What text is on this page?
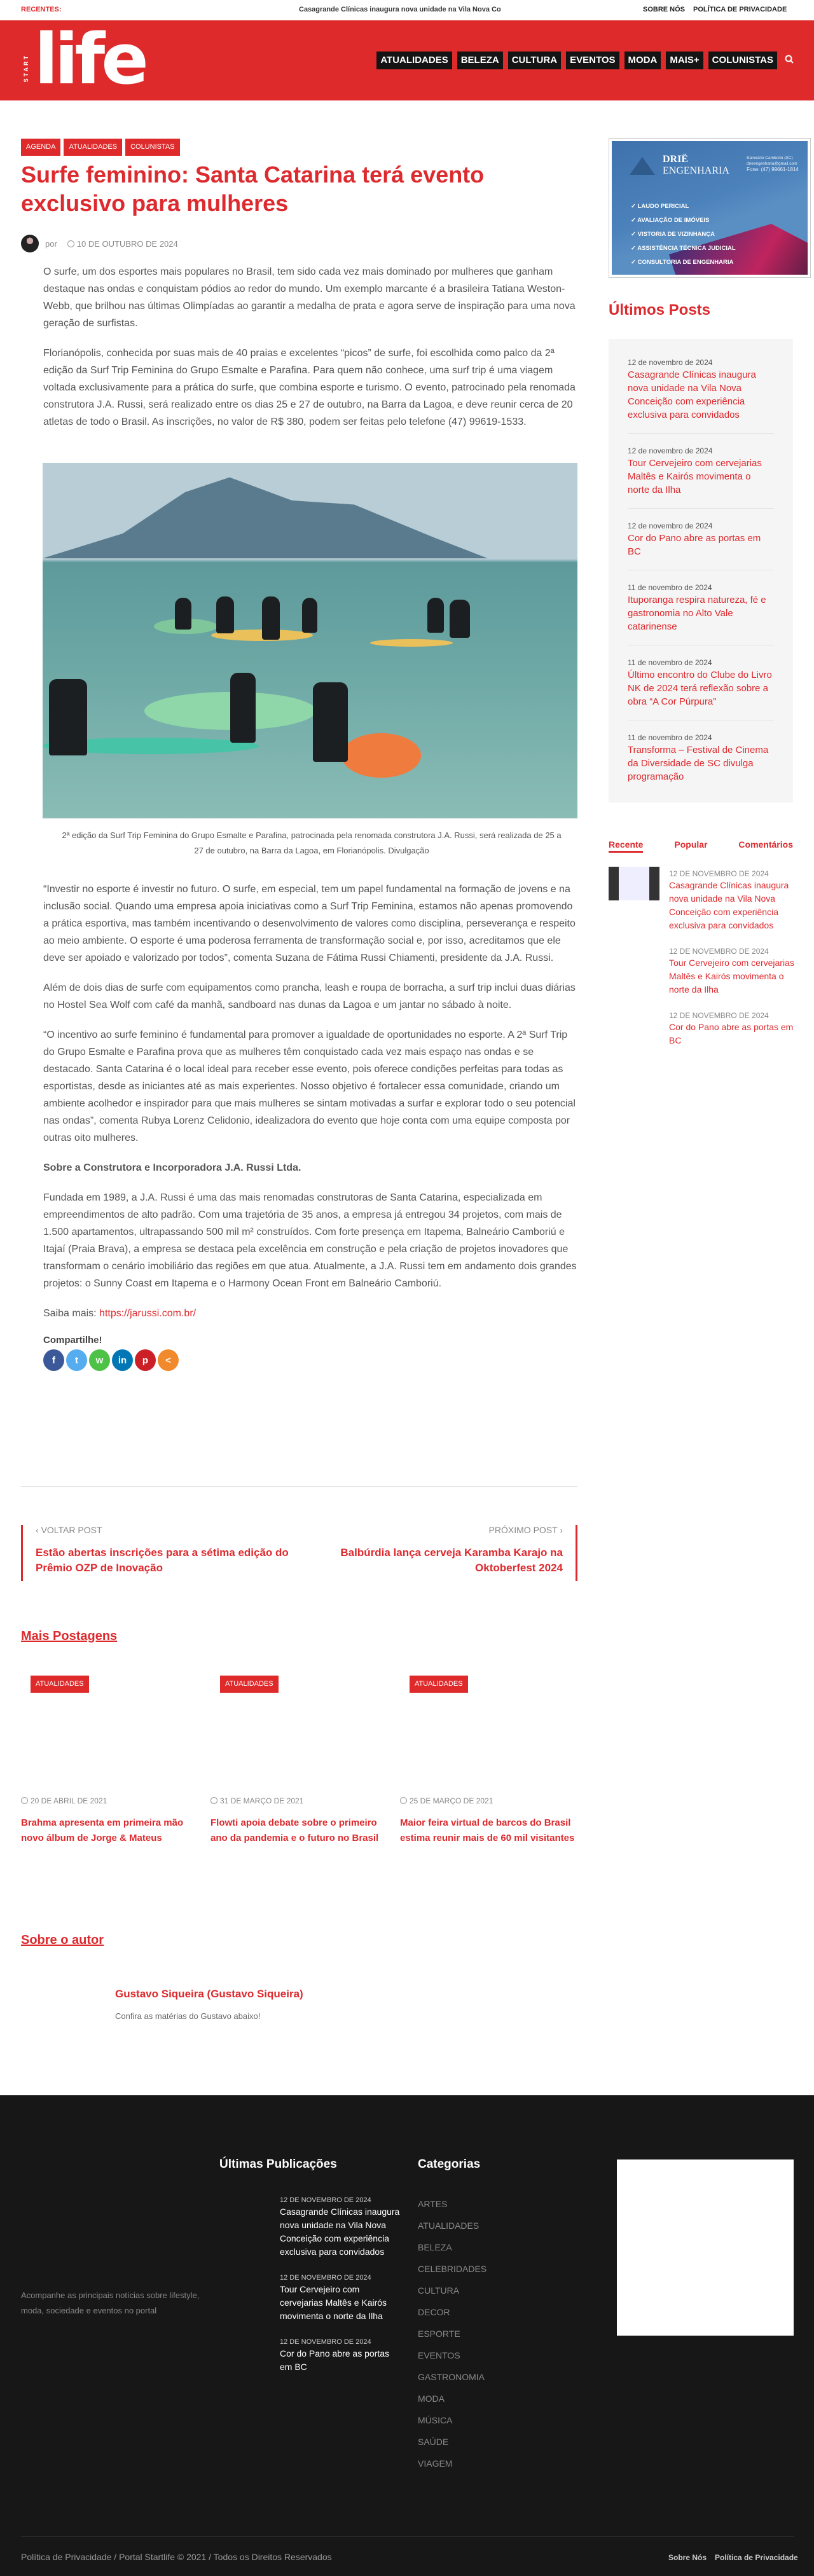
RECENTES:	Casagrande Clínicas inaugura nova unidade na Vila Nova Co	SOBRE NÓS POLÍTICA DE PRIVACIDADE
START life	ATUALIDADES	BELEZA	CULTURA	EVENTOS	MODA	MAIS+	COLUNISTAS
AGENDA	ATUALIDADES	COLUNISTAS
Surfe feminino: Santa Catarina terá evento exclusivo para mulheres
por	10 DE OUTUBRO DE 2024

O surfe, um dos esportes mais populares no Brasil, tem sido cada vez mais dominado por mulheres que ganham destaque nas ondas e conquistam pódios ao redor do mundo. Um exemplo marcante é a brasileira Tatiana Weston-Webb, que brilhou nas últimas Olimpíadas ao garantir a medalha de prata e agora serve de inspiração para uma nova geração de surfistas.

Florianópolis, conhecida por suas mais de 40 praias e excelentes “picos” de surfe, foi escolhida como palco da 2ª edição da Surf Trip Feminina do Grupo Esmalte e Parafina. Para quem não conhece, uma surf trip é uma viagem voltada exclusivamente para a prática do surfe, que combina esporte e turismo. O evento, patrocinado pela renomada construtora J.A. Russi, será realizado entre os dias 25 e 27 de outubro, na Barra da Lagoa, e deve reunir cerca de 20 atletas de todo o Brasil. As inscrições, no valor de R$ 380, podem ser feitas pelo telefone (47) 99619-1533.

2ª edição da Surf Trip Feminina do Grupo Esmalte e Parafina, patrocinada pela renomada construtora J.A. Russi, será realizada de 25 a 27 de outubro, na Barra da Lagoa, em Florianópolis. Divulgação

“Investir no esporte é investir no futuro. O surfe, em especial, tem um papel fundamental na formação de jovens e na inclusão social. Quando uma empresa apoia iniciativas como a Surf Trip Feminina, estamos não apenas promovendo a prática esportiva, mas também incentivando o desenvolvimento de valores como disciplina, perseverança e respeito ao meio ambiente. O esporte é uma poderosa ferramenta de transformação social e, por isso, acreditamos que ele deve ser apoiado e valorizado por todos”, comenta Suzana de Fátima Russi Chiamenti, presidente da J.A. Russi.

Além de dois dias de surfe com equipamentos como prancha, leash e roupa de borracha, a surf trip inclui duas diárias no Hostel Sea Wolf com café da manhã, sandboard nas dunas da Lagoa e um jantar no sábado à noite.

“O incentivo ao surfe feminino é fundamental para promover a igualdade de oportunidades no esporte. A 2ª Surf Trip do Grupo Esmalte e Parafina prova que as mulheres têm conquistado cada vez mais espaço nas ondas e se destacado. Santa Catarina é o local ideal para receber esse evento, pois oferece condições perfeitas para todas as esportistas, desde as iniciantes até as mais experientes. Nosso objetivo é fortalecer essa comunidade, criando um ambiente acolhedor e inspirador para que mais mulheres se sintam motivadas a surfar e explorar todo o seu potencial nas ondas”, comenta Rubya Lorenz Celidonio, idealizadora do evento que hoje conta com uma equipe composta por outras oito mulheres.

Sobre a Construtora e Incorporadora J.A. Russi Ltda.

Fundada em 1989, a J.A. Russi é uma das mais renomadas construtoras de Santa Catarina, especializada em empreendimentos de alto padrão. Com uma trajetória de 35 anos, a empresa já entregou 34 projetos, com mais de 1.500 apartamentos, ultrapassando 500 mil m² construídos. Com forte presença em Itapema, Balneário Camboriú e Itajaí (Praia Brava), a empresa se destaca pela excelência em construção e pela criação de projetos inovadores que transformam o cenário imobiliário das regiões em que atua. Atualmente, a J.A. Russi tem em andamento dois grandes projetos: o Sunny Coast em Itapema e o Harmony Ocean Front em Balneário Camboriú.

Saiba mais: https://jarussi.com.br/

Compartilhe!
f	t	w	in	p	<
‹ VOLTAR POST
Estão abertas inscrições para a sétima edição do Prêmio OZP de Inovação
PRÓXIMO POST ›
Balbúrdia lança cerveja Karamba Karajo na Oktoberfest 2024
Mais Postagens
ATUALIDADES
20 DE ABRIL DE 2021
Brahma apresenta em primeira mão novo álbum de Jorge & Mateus
ATUALIDADES
31 DE MARÇO DE 2021
Flowti apoia debate sobre o primeiro ano da pandemia e o futuro no Brasil
ATUALIDADES
25 DE MARÇO DE 2021
Maior feira virtual de barcos do Brasil estima reunir mais de 60 mil visitantes
Sobre o autor
Gustavo Siqueira (Gustavo Siqueira)

Confira as matérias do Gustavo abaixo!

DRIË
ENGENHARIA
Balneário Camboriú (SC)
drieengenharia@gmail.com
Fone: (47) 99661-1814
✓ LAUDO PERICIAL
✓ AVALIAÇÃO DE IMÓVEIS
✓ VISTORIA DE VIZINHANÇA
✓ ASSISTÊNCIA TÉCNICA JUDICIAL
✓ CONSULTORIA DE ENGENHARIA
Últimos Posts
12 de novembro de 2024
Casagrande Clínicas inaugura nova unidade na Vila Nova Conceição com experiência exclusiva para convidados
12 de novembro de 2024
Tour Cervejeiro com cervejarias Maltês e Kairós movimenta o norte da Ilha
12 de novembro de 2024
Cor do Pano abre as portas em BC
11 de novembro de 2024
Ituporanga respira natureza, fé e gastronomia no Alto Vale catarinense
11 de novembro de 2024
Último encontro do Clube do Livro NK de 2024 terá reflexão sobre a obra “A Cor Púrpura”
11 de novembro de 2024
Transforma – Festival de Cinema da Diversidade de SC divulga programação
Recente	Popular	Comentários
12 DE NOVEMBRO DE 2024
Casagrande Clínicas inaugura nova unidade na Vila Nova Conceição com experiência exclusiva para convidados
12 DE NOVEMBRO DE 2024
Tour Cervejeiro com cervejarias Maltês e Kairós movimenta o norte da Ilha
12 DE NOVEMBRO DE 2024
Cor do Pano abre as portas em BC

Acompanhe as principais notícias sobre lifestyle, moda, sociedade e eventos no portal

Últimas Publicações
12 DE NOVEMBRO DE 2024
Casagrande Clínicas inaugura nova unidade na Vila Nova Conceição com experiência exclusiva para convidados
12 DE NOVEMBRO DE 2024
Tour Cervejeiro com cervejarias Maltês e Kairós movimenta o norte da Ilha
12 DE NOVEMBRO DE 2024
Cor do Pano abre as portas em BC
Categorias
ARTES
ATUALIDADES
BELEZA
CELEBRIDADES
CULTURA
DECOR
ESPORTE
EVENTOS
GASTRONOMIA
MODA
MÚSICA
SAÚDE
VIAGEM

Política de Privacidade / Portal Startlife © 2021 / Todos os Direitos Reservados	Sobre Nós Política de Privacidade
